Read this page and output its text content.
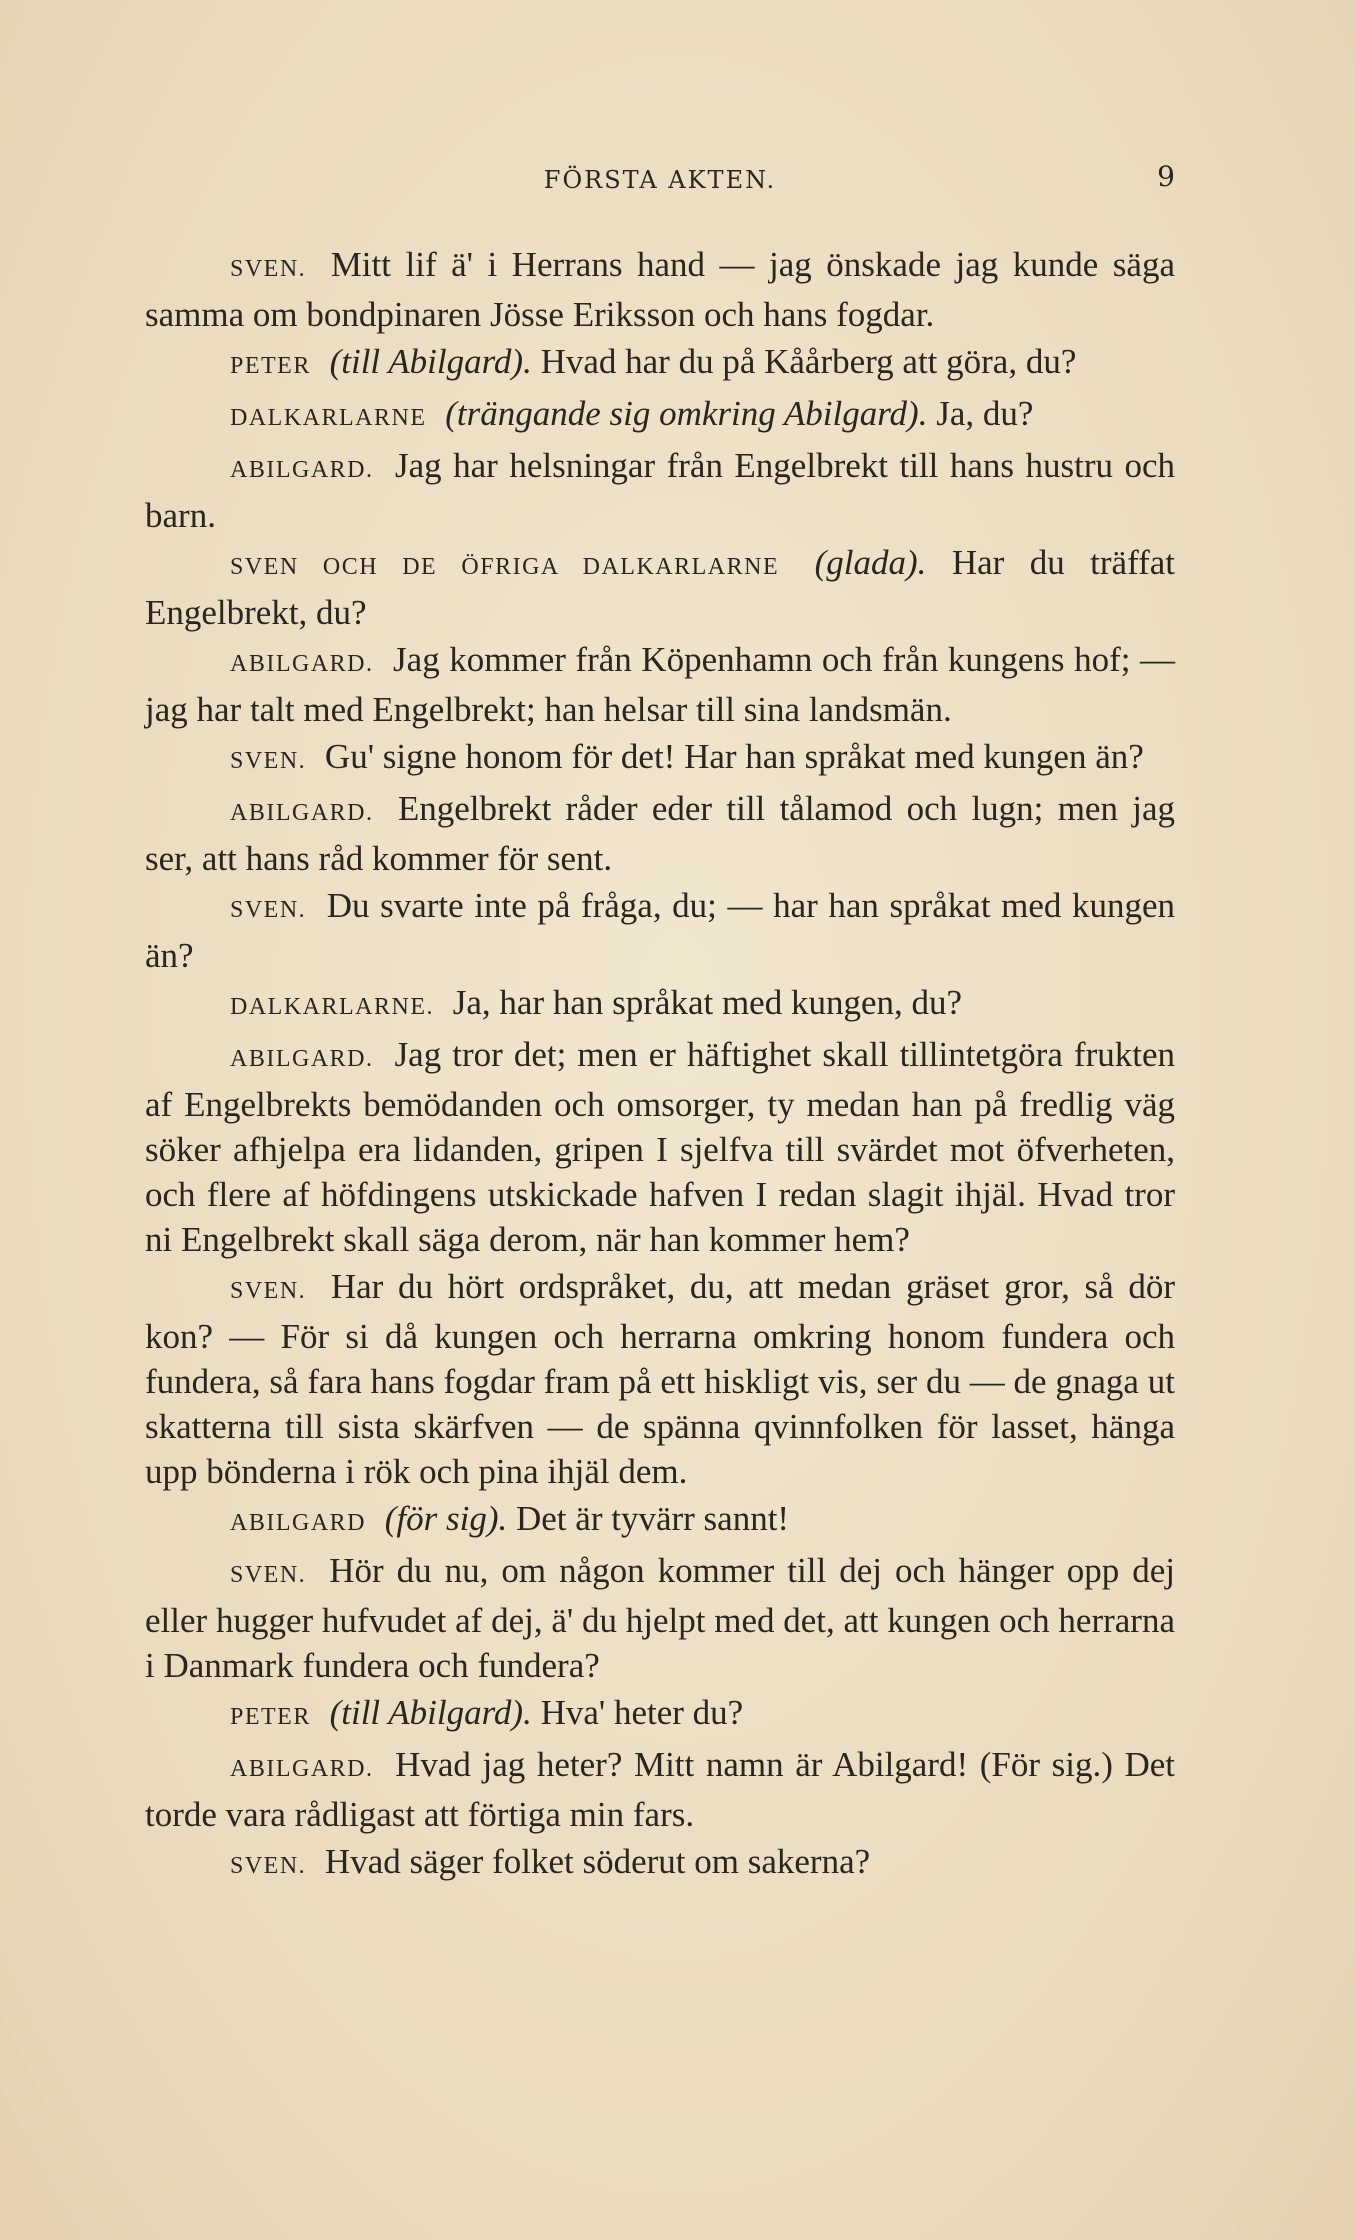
FÖRSTA AKTEN.	9

SVEN. Mitt lif ä' i Herrans hand — jag önskade jag kunde säga samma om bondpinaren Jösse Eriksson och hans fogdar.

PETER (till Abilgard). Hvad har du på Kåårberg att göra, du?

DALKARLARNE (trängande sig omkring Abilgard). Ja, du?

ABILGARD. Jag har helsningar från Engelbrekt till hans hustru och barn.

SVEN OCH DE ÖFRIGA DALKARLARNE (glada). Har du träffat Engelbrekt, du?

ABILGARD. Jag kommer från Köpenhamn och från kungens hof; — jag har talt med Engelbrekt; han helsar till sina landsmän.

SVEN. Gu' signe honom för det! Har han språkat med kungen än?

ABILGARD. Engelbrekt råder eder till tålamod och lugn; men jag ser, att hans råd kommer för sent.

SVEN. Du svarte inte på fråga, du; — har han språkat med kungen än?

DALKARLARNE. Ja, har han språkat med kungen, du?

ABILGARD. Jag tror det; men er häftighet skall tillintetgöra frukten af Engelbrekts bemödanden och omsorger, ty medan han på fredlig väg söker afhjelpa era lidanden, gripen I sjelfva till svärdet mot öfverheten, och flere af höfdingens utskickade hafven I redan slagit ihjäl. Hvad tror ni Engelbrekt skall säga derom, när han kommer hem?

SVEN. Har du hört ordspråket, du, att medan gräset gror, så dör kon? — För si då kungen och herrarna omkring honom fundera och fundera, så fara hans fogdar fram på ett hiskligt vis, ser du — de gnaga ut skatterna till sista skärfven — de spänna qvinnfolken för lasset, hänga upp bönderna i rök och pina ihjäl dem.

ABILGARD (för sig). Det är tyvärr sannt!

SVEN. Hör du nu, om någon kommer till dej och hänger opp dej eller hugger hufvudet af dej, ä' du hjelpt med det, att kungen och herrarna i Danmark fundera och fundera?

PETER (till Abilgard). Hva' heter du?

ABILGARD. Hvad jag heter? Mitt namn är Abilgard! (För sig.) Det torde vara rådligast att förtiga min fars.

SVEN. Hvad säger folket söderut om sakerna?
